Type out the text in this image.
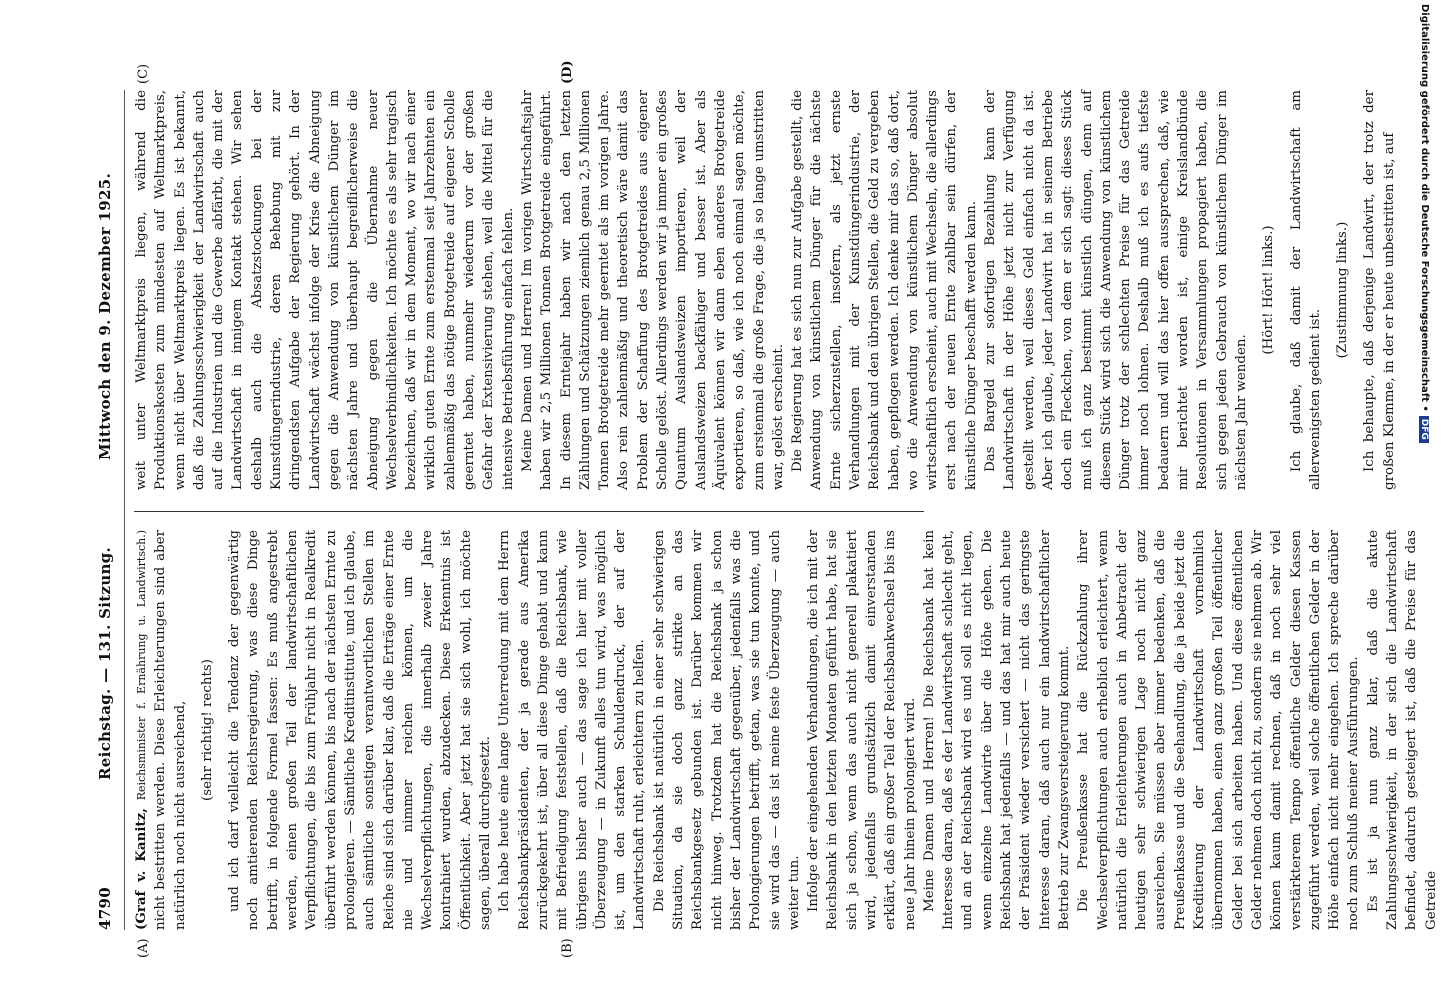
4790
Reichstag. — 131. Sitzung.
Mittwoch den 9. Dezember 1925.
(A)	(B)
(C)	(D)

(Graf v. Kanitz, Reichsminister f. Ernährung u. Landwirtsch.) nicht bestritten werden. Diese Erleichterungen sind aber natürlich noch nicht ausreichend, (sehr richtig! rechts) und ich darf vielleicht die Tendenz der gegenwärtig noch amtierenden Reichsregierung, was diese Dinge betrifft, in folgende Formel fassen: Es muß angestrebt werden, einen großen Teil der landwirtschaftlichen Verpflichtungen, die bis zum Frühjahr nicht in Realkredit überführt werden können, bis nach der nächsten Ernte zu prolongieren. — Sämtliche Kreditinstitute, und ich glaube, auch sämtliche sonstigen verantwortlichen Stellen im Reiche sind sich darüber klar, daß die Erträge einer Ernte nie und nimmer reichen können, um die Wechselverpflichtungen, die innerhalb zweier Jahre kontrahiert wurden, abzudecken. Diese Erkenntnis ist Öffentlichkeit. Aber jetzt hat sie sich wohl, ich möchte sagen, überall durchgesetzt. Ich habe heute eine lange Unterredung mit dem Herrn Reichsbankpräsidenten, der ja gerade aus Amerika zurückgekehrt ist, über all diese Dinge gehabt und kann mit Befriedigung feststellen, daß die Reichsbank, wie übrigens bisher auch — das sage ich hier mit voller Überzeugung — in Zukunft alles tun wird, was möglich ist, um den starken Schuldendruck, der auf der Landwirtschaft ruht, erleichtern zu helfen. Die Reichsbank ist natürlich in einer sehr schwierigen Situation, da sie doch ganz strikte an das Reichsbankgesetz gebunden ist. Darüber kommen wir nicht hinweg. Trotzdem hat die Reichsbank ja schon bisher der Landwirtschaft gegenüber, jedenfalls was die Prolongierungen betrifft, getan, was sie tun konnte, und sie wird das — das ist meine feste Überzeugung — auch weiter tun. Infolge der eingehenden Verhandlungen, die ich mit der Reichsbank in den letzten Monaten geführt habe, hat sie sich ja schon, wenn das auch nicht generell plakatiert wird, jedenfalls grundsätzlich damit einverstanden erklärt, daß ein großer Teil der Reichsbankwechsel bis ins neue Jahr hinein prolongiert wird. Meine Damen und Herren! Die Reichsbank hat kein Interesse daran, daß es der Landwirtschaft schlecht geht, und an der Reichsbank wird es und soll es nicht liegen, wenn einzelne Landwirte über die Höhe gehen. Die Reichsbank hat jedenfalls — und das hat mir auch heute der Präsident wieder versichert — nicht das geringste Interesse daran, daß auch nur ein landwirtschaftlicher Betrieb zur Zwangsversteigerung kommt. Die Preußenkasse hat die Rückzahlung ihrer Wechselverpflichtungen auch erheblich erleichtert, wenn natürlich die Erleichterungen auch in Anbetracht der heutigen sehr schwierigen Lage noch nicht ganz ausreichen. Sie müssen aber immer bedenken, daß die Preußenkasse und die Seehandlung, die ja beide jetzt die Kreditierung der Landwirtschaft vornehmlich übernommen haben, einen ganz großen Teil öffentlicher Gelder bei sich arbeiten haben. Und diese öffentlichen Gelder nehmen doch nicht zu, sondern sie nehmen ab. Wir können kaum damit rechnen, daß in noch sehr viel verstärkterem Tempo öffentliche Gelder diesen Kassen zugeführt werden, weil solche öffentlichen Gelder in der Höhe einfach nicht mehr eingehen. Ich spreche darüber noch zum Schluß meiner Ausführungen. Es ist ja nun ganz klar, daß die akute Zahlungsschwierigkeit, in der sich die Landwirtschaft befindet, dadurch gesteigert ist, daß die Preise für das Getreide

weit unter Weltmarktpreis liegen, während die Produktionskosten zum mindesten auf Weltmarktpreis, wenn nicht über Weltmarktpreis liegen. Es ist bekannt, daß die Zahlungsschwierigkeit der Landwirtschaft auch auf die Industrien und die Gewerbe abfärbt, die mit der Landwirtschaft in innigem Kontakt stehen. Wir sehen deshalb auch die Absatzstockungen bei der Kunstdüngerindustrie, deren Behebung mit zur dringendsten Aufgabe der Regierung gehört. In der Landwirtschaft wächst infolge der Krise die Abneigung gegen die Anwendung von künstlichem Dünger im nächsten Jahre und überhaupt begreiflicherweise die Abneigung gegen die Übernahme neuer Wechselverbindlichkeiten. Ich möchte es als sehr tragisch bezeichnen, daß wir in dem Moment, wo wir nach einer wirklich guten Ernte zum erstenmal seit Jahrzehnten ein zahlenmäßig das nötige Brotgetreide auf eigener Scholle geerntet haben, nunmehr wiederum vor der großen Gefahr der Extensivierung stehen, weil die Mittel für die intensive Betriebsführung einfach fehlen. Meine Damen und Herren! Im vorigen Wirtschaftsjahr haben wir 2,5 Millionen Tonnen Brotgetreide eingeführt. In diesem Erntejahr haben wir nach den letzten Zählungen und Schätzungen ziemlich genau 2,5 Millionen Tonnen Brotgetreide mehr geerntet als im vorigen Jahre. Also rein zahlenmäßig und theoretisch wäre damit das Problem der Schaffung des Brotgetreides aus eigener Scholle gelöst. Allerdings werden wir ja immer ein großes Quantum Auslandsweizen importieren, weil der Auslandsweizen backfähiger und besser ist. Aber als Äquivalent können wir dann eben anderes Brotgetreide exportieren, so daß, wie ich noch einmal sagen möchte, zum erstenmal die große Frage, die ja so lange umstritten war, gelöst erscheint. Die Regierung hat es sich nun zur Aufgabe gestellt, die Anwendung von künstlichem Dünger für die nächste Ernte sicherzustellen, insofern, als jetzt ernste Verhandlungen mit der Kunstdüngerindustrie, der Reichsbank und den übrigen Stellen, die Geld zu vergeben haben, gepflogen werden. Ich denke mir das so, daß dort, wo die Anwendung von künstlichem Dünger absolut wirtschaftlich erscheint, auch mit Wechseln, die allerdings erst nach der neuen Ernte zahlbar sein dürfen, der künstliche Dünger beschafft werden kann. Das Bargeld zur sofortigen Bezahlung kann der Landwirtschaft in der Höhe jetzt nicht zur Verfügung gestellt werden, weil dieses Geld einfach nicht da ist. Aber ich glaube, jeder Landwirt hat in seinem Betriebe doch ein Fleckchen, von dem er sich sagt: dieses Stück muß ich ganz bestimmt künstlich düngen, denn auf diesem Stück wird sich die Anwendung von künstlichem Dünger trotz der schlechten Preise für das Getreide immer noch lohnen. Deshalb muß ich es aufs tiefste bedauern und will das hier offen aussprechen, daß, wie mir berichtet worden ist, einige Kreislandbünde Resolutionen in Versammlungen propagiert haben, die sich gegen jeden Gebrauch von künstlichem Dünger im nächsten Jahr wenden.

(Hört! Hört! links.) Ich glaube, daß damit der Landwirtschaft am allerwenigsten gedient ist.

(Zustimmung links.) Ich behaupte, daß derjenige Landwirt, der trotz der großen Klemme, in der er heute unbestritten ist, auf Digitalisierung gefördert durch die Deutsche Forschungsgemeinschaft •DFG
